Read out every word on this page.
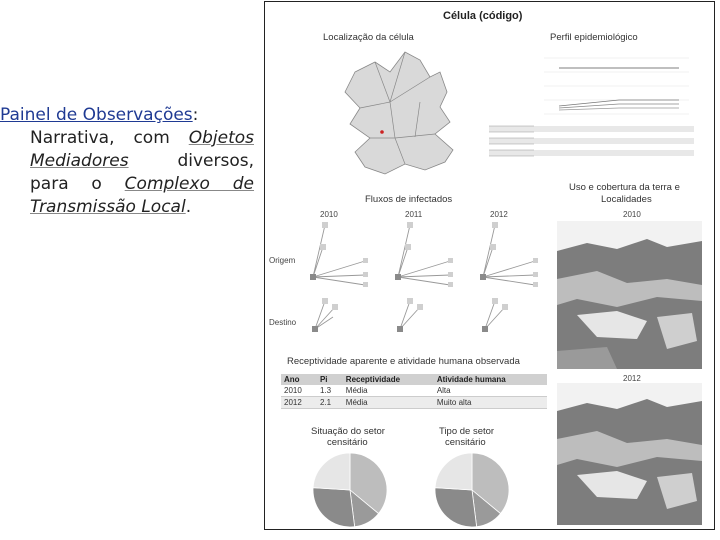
Painel de Observações:
Narrativa, com Objetos Mediadores diversos, para o Complexo de Transmissão Local.
Célula (código)
Localização da célula	Perfil epidemiológico
Fluxos de infectados
2010	2011	2012
Origem
Destino
Uso e cobertura da terra e
Localidades
2010
2012
Receptividade aparente e atividade humana observada
Ano	Pi	Receptividade	Atividade humana
2010	1.3	Média	Alta
2012	2.1	Média	Muito alta
Situação do setor
censitário
Tipo de setor
censitário
